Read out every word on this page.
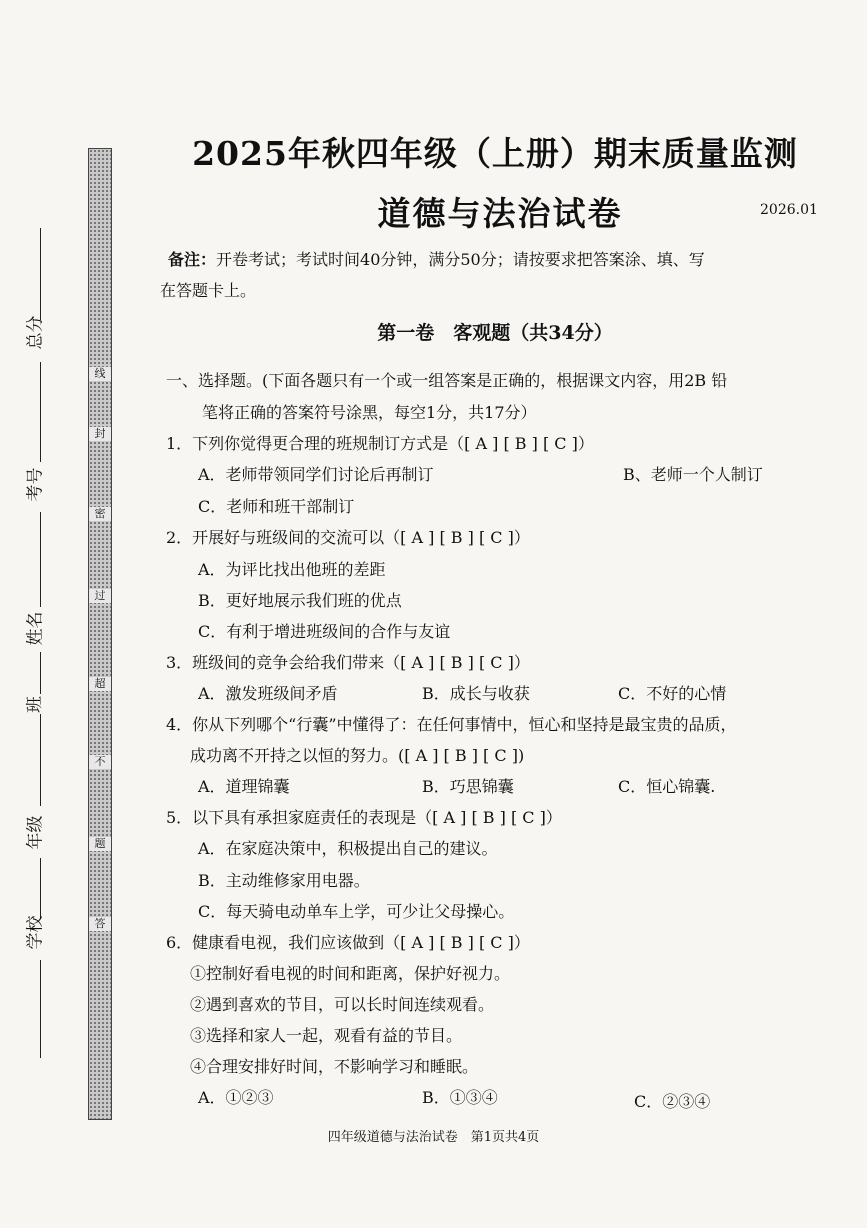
总分
考号
姓名
班
年级
学校
线
封
密
过
超
不
题
答
2025年秋四年级（上册）期末质量监测
道德与法治试卷	2026.01
备注：开卷考试；考试时间40分钟，满分50分；请按要求把答案涂、填、写
在答题卡上。
第一卷　客观题（共34分）
一、选择题。(下面各题只有一个或一组答案是正确的，根据课文内容，用2B 铅
笔将正确的答案符号涂黑，每空1分，共17分）
1．下列你觉得更合理的班规制订方式是（[ A ] [ B ] [ C ]）
A．老师带领同学们讨论后再制订	B、老师一个人制订
C．老师和班干部制订
2．开展好与班级间的交流可以（[ A ] [ B ] [ C ]）
A．为评比找出他班的差距
B．更好地展示我们班的优点
C．有利于增进班级间的合作与友谊
3．班级间的竞争会给我们带来（[ A ] [ B ] [ C ]）
A．激发班级间矛盾	B．成长与收获	C．不好的心情
4．你从下列哪个“行囊”中懂得了：在任何事情中，恒心和坚持是最宝贵的品质，
成功离不开持之以恒的努力。([ A ] [ B ] [ C ])
A．道理锦囊	B．巧思锦囊	C．恒心锦囊.
5．以下具有承担家庭责任的表现是（[ A ] [ B ] [ C ]）
A．在家庭决策中，积极提出自己的建议。
B．主动维修家用电器。
C．每天骑电动单车上学，可少让父母操心。
6．健康看电视，我们应该做到（[ A ] [ B ] [ C ]）
①控制好看电视的时间和距离，保护好视力。
②遇到喜欢的节目，可以长时间连续观看。
③选择和家人一起，观看有益的节目。
④合理安排好时间，不影响学习和睡眠。
A．①②③	B．①③④	C．②③④
四年级道德与法治试卷　第1页共4页
